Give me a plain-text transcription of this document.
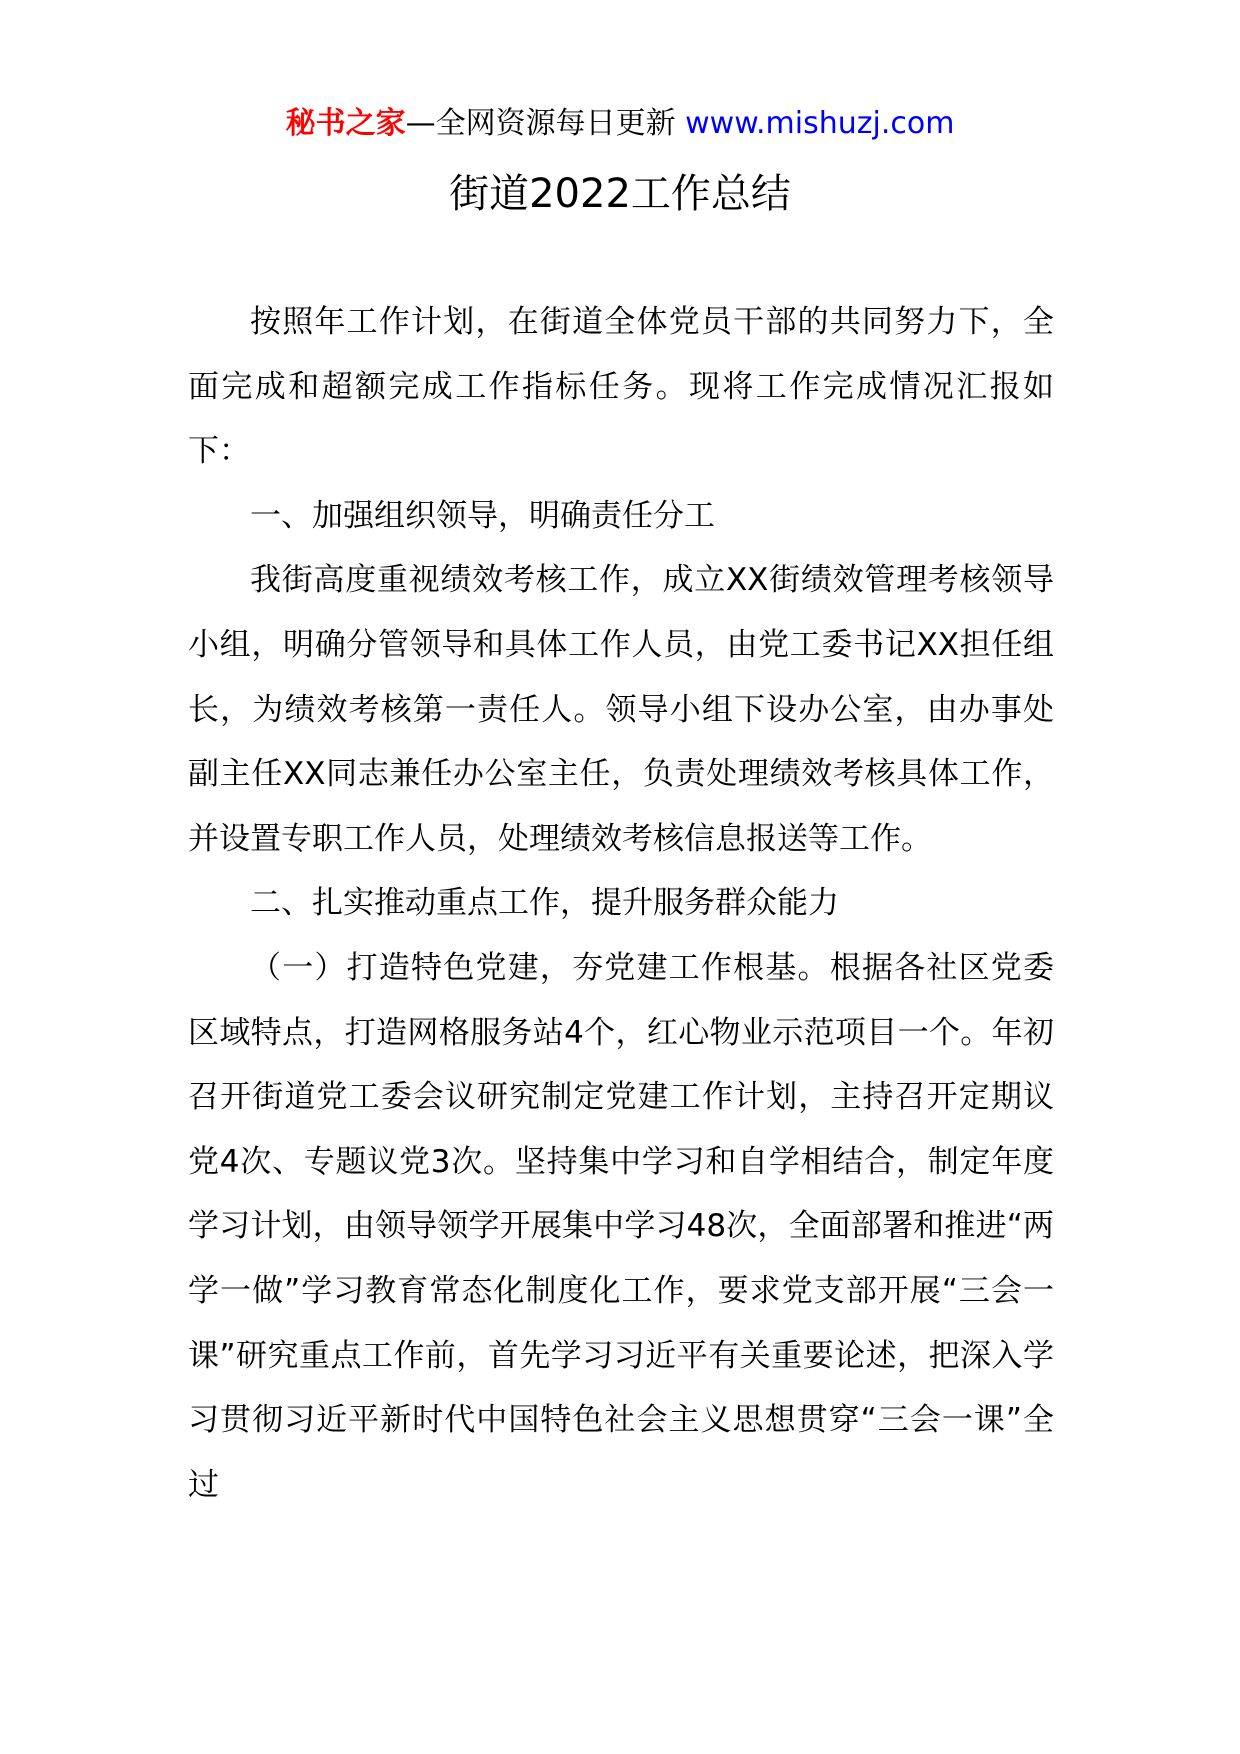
秘书之家—全网资源每日更新 www.mishuzj.com
街道2022工作总结

按照年工作计划，在街道全体党员干部的共同努力下，全面完成和超额完成工作指标任务。现将工作完成情况汇报如下：

一、加强组织领导，明确责任分工

我街高度重视绩效考核工作，成立XX街绩效管理考核领导小组，明确分管领导和具体工作人员，由党工委书记XX担任组长，为绩效考核第一责任人。领导小组下设办公室，由办事处副主任XX同志兼任办公室主任，负责处理绩效考核具体工作，并设置专职工作人员，处理绩效考核信息报送等工作。

二、扎实推动重点工作，提升服务群众能力

（一）打造特色党建，夯党建工作根基。根据各社区党委区域特点，打造网格服务站4个，红心物业示范项目一个。年初召开街道党工委会议研究制定党建工作计划，主持召开定期议党4次、专题议党3次。坚持集中学习和自学相结合，制定年度学习计划，由领导领学开展集中学习48次，全面部署和推进“两学一做”学习教育常态化制度化工作，要求党支部开展“三会一课”研究重点工作前，首先学习习近平有关重要论述，把深入学习贯彻习近平新时代中国特色社会主义思想贯穿“三会一课”全过
